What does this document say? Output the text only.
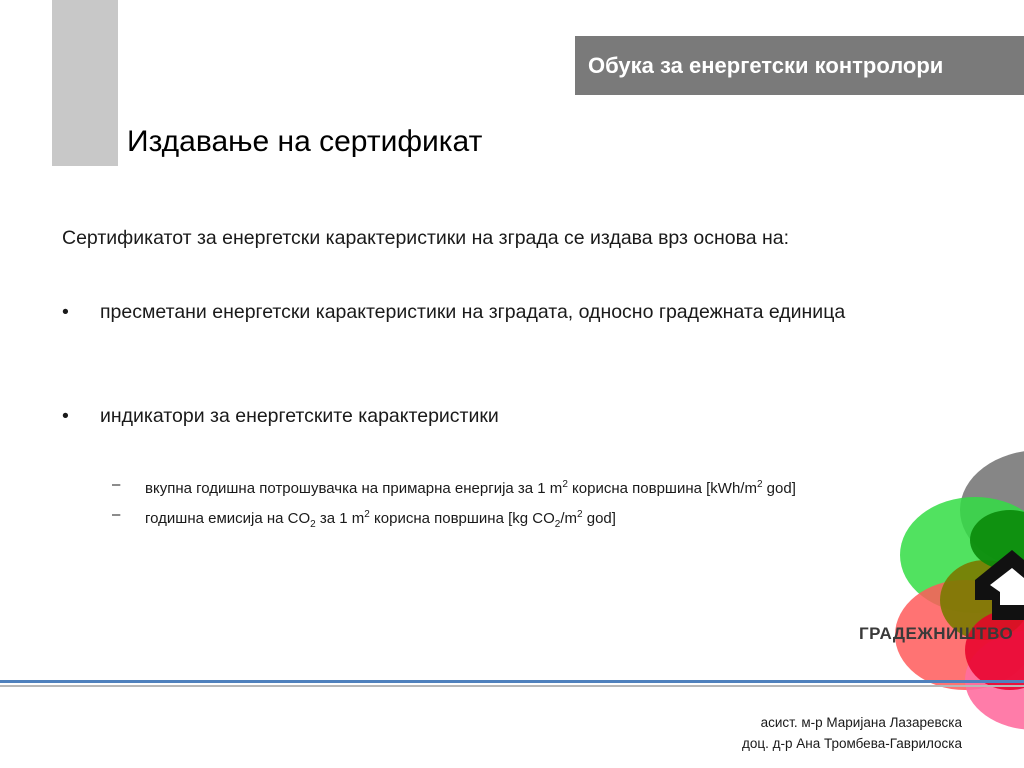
Обука за енергетски контролори
Издавање на сертификат
Сертификатот за енергетски карактеристики на зграда се издава врз основа на:
• пресметани енергетски карактеристики на зградата, односно градежната единица
• индикатори за енергетските карактеристики
– вкупна годишна потрошувачка на примарна енергија за 1 $m^2$ корисна површина [$kWh/m^2$ god]
– годишна емисија на $CO_2$ за 1 $m^2$ корисна површина [kg $CO_2/m^2$ god]
ГРАДЕЖНИШТВО
асист. м-р Маријана Лазаревска
доц. д-р Ана Тромбева-Гаврилоска
